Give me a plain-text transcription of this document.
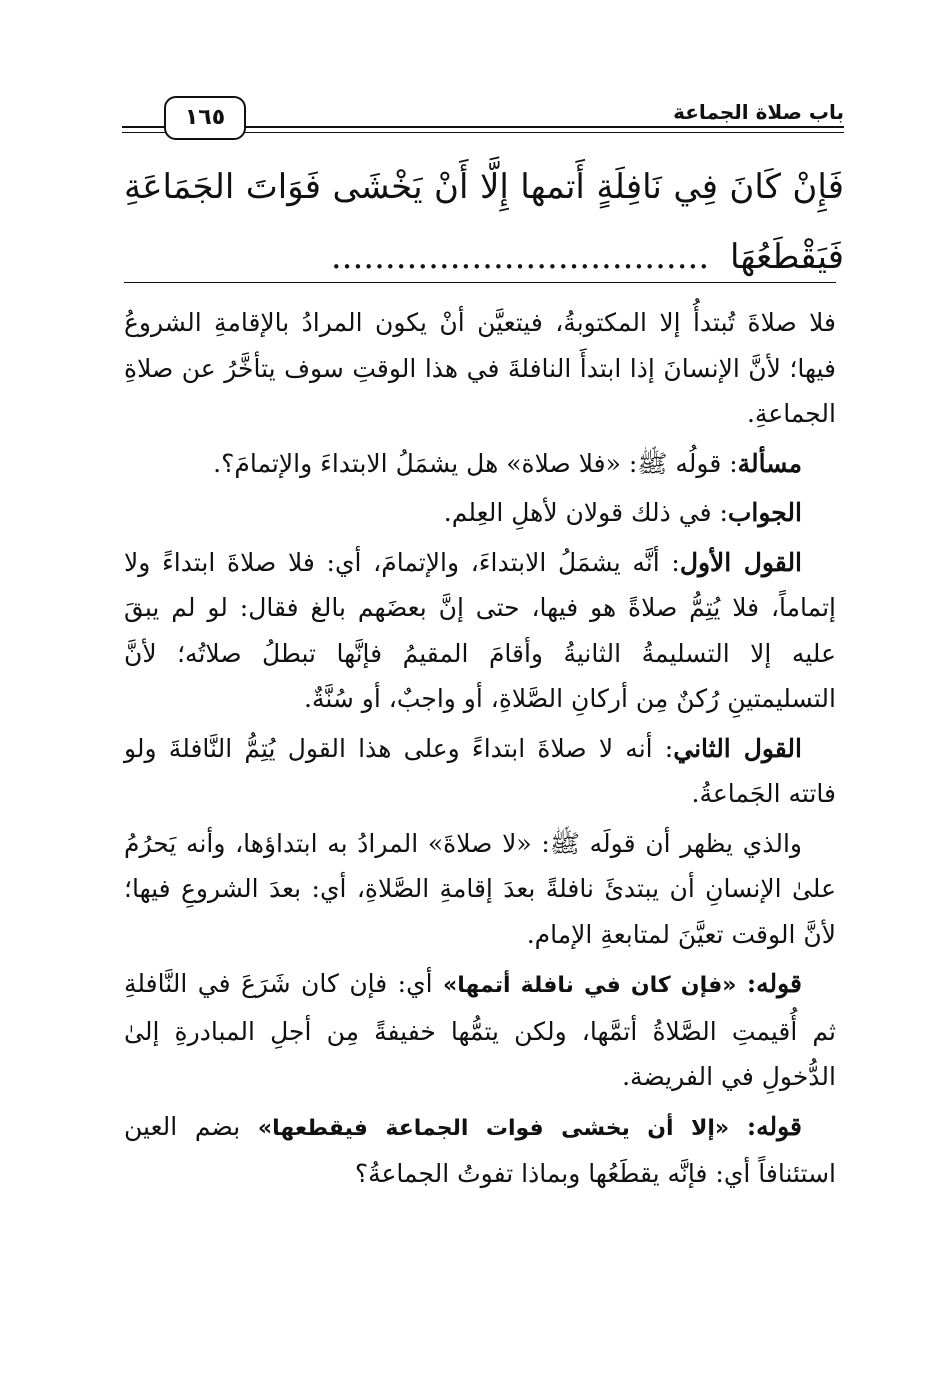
باب صلاة الجماعة
١٦٥
فَإِنْ كَانَ فِي نَافِلَةٍ أَتمها إِلَّا أَنْ يَخْشَى فَوَاتَ الجَمَاعَةِ فَيَقْطَعُهَا ...................................

فلا صلاةَ تُبتدأُ إلا المكتوبةُ، فيتعيَّن أنْ يكون المرادُ بالإقامةِ الشروعُ فيها؛ لأنَّ الإنسانَ إذا ابتدأَ النافلةَ في هذا الوقتِ سوف يتأخَّرُ عن صلاةِ الجماعةِ.

مسألة: قولُه ﷺ: «فلا صلاة» هل يشمَلُ الابتداءَ والإتمامَ؟.

الجواب: في ذلك قولان لأهلِ العِلم.

القول الأول: أنَّه يشمَلُ الابتداءَ، والإتمامَ، أي: فلا صلاةَ ابتداءً ولا إتماماً، فلا يُتِمُّ صلاةً هو فيها، حتى إنَّ بعضَهم بالغ فقال: لو لم يبقَ عليه إلا التسليمةُ الثانيةُ وأقامَ المقيمُ فإنَّها تبطلُ صلاتُه؛ لأنَّ التسليمتينِ رُكنٌ مِن أركانِ الصَّلاةِ، أو واجبٌ، أو سُنَّةٌ.

القول الثاني: أنه لا صلاةَ ابتداءً وعلى هذا القول يُتِمُّ النَّافلةَ ولو فاتته الجَماعةُ.

والذي يظهر أن قولَه ﷺ: «لا صلاةَ» المرادُ به ابتداؤها، وأنه يَحرُمُ علىٰ الإنسانِ أن يبتدئَ نافلةً بعدَ إقامةِ الصَّلاةِ، أي: بعدَ الشروعِ فيها؛ لأنَّ الوقت تعيَّنَ لمتابعةِ الإمام.

قوله: «فإن كان في نافلة أتمها» أي: فإن كان شَرَعَ في النَّافلةِ ثم أُقيمتِ الصَّلاةُ أتمَّها، ولكن يتمُّها خفيفةً مِن أجلِ المبادرةِ إلىٰ الدُّخولِ في الفريضة.

قوله: «إلا أن يخشى فوات الجماعة فيقطعها» بضم العين استئنافاً أي: فإنَّه يقطَعُها وبماذا تفوتُ الجماعةُ؟
